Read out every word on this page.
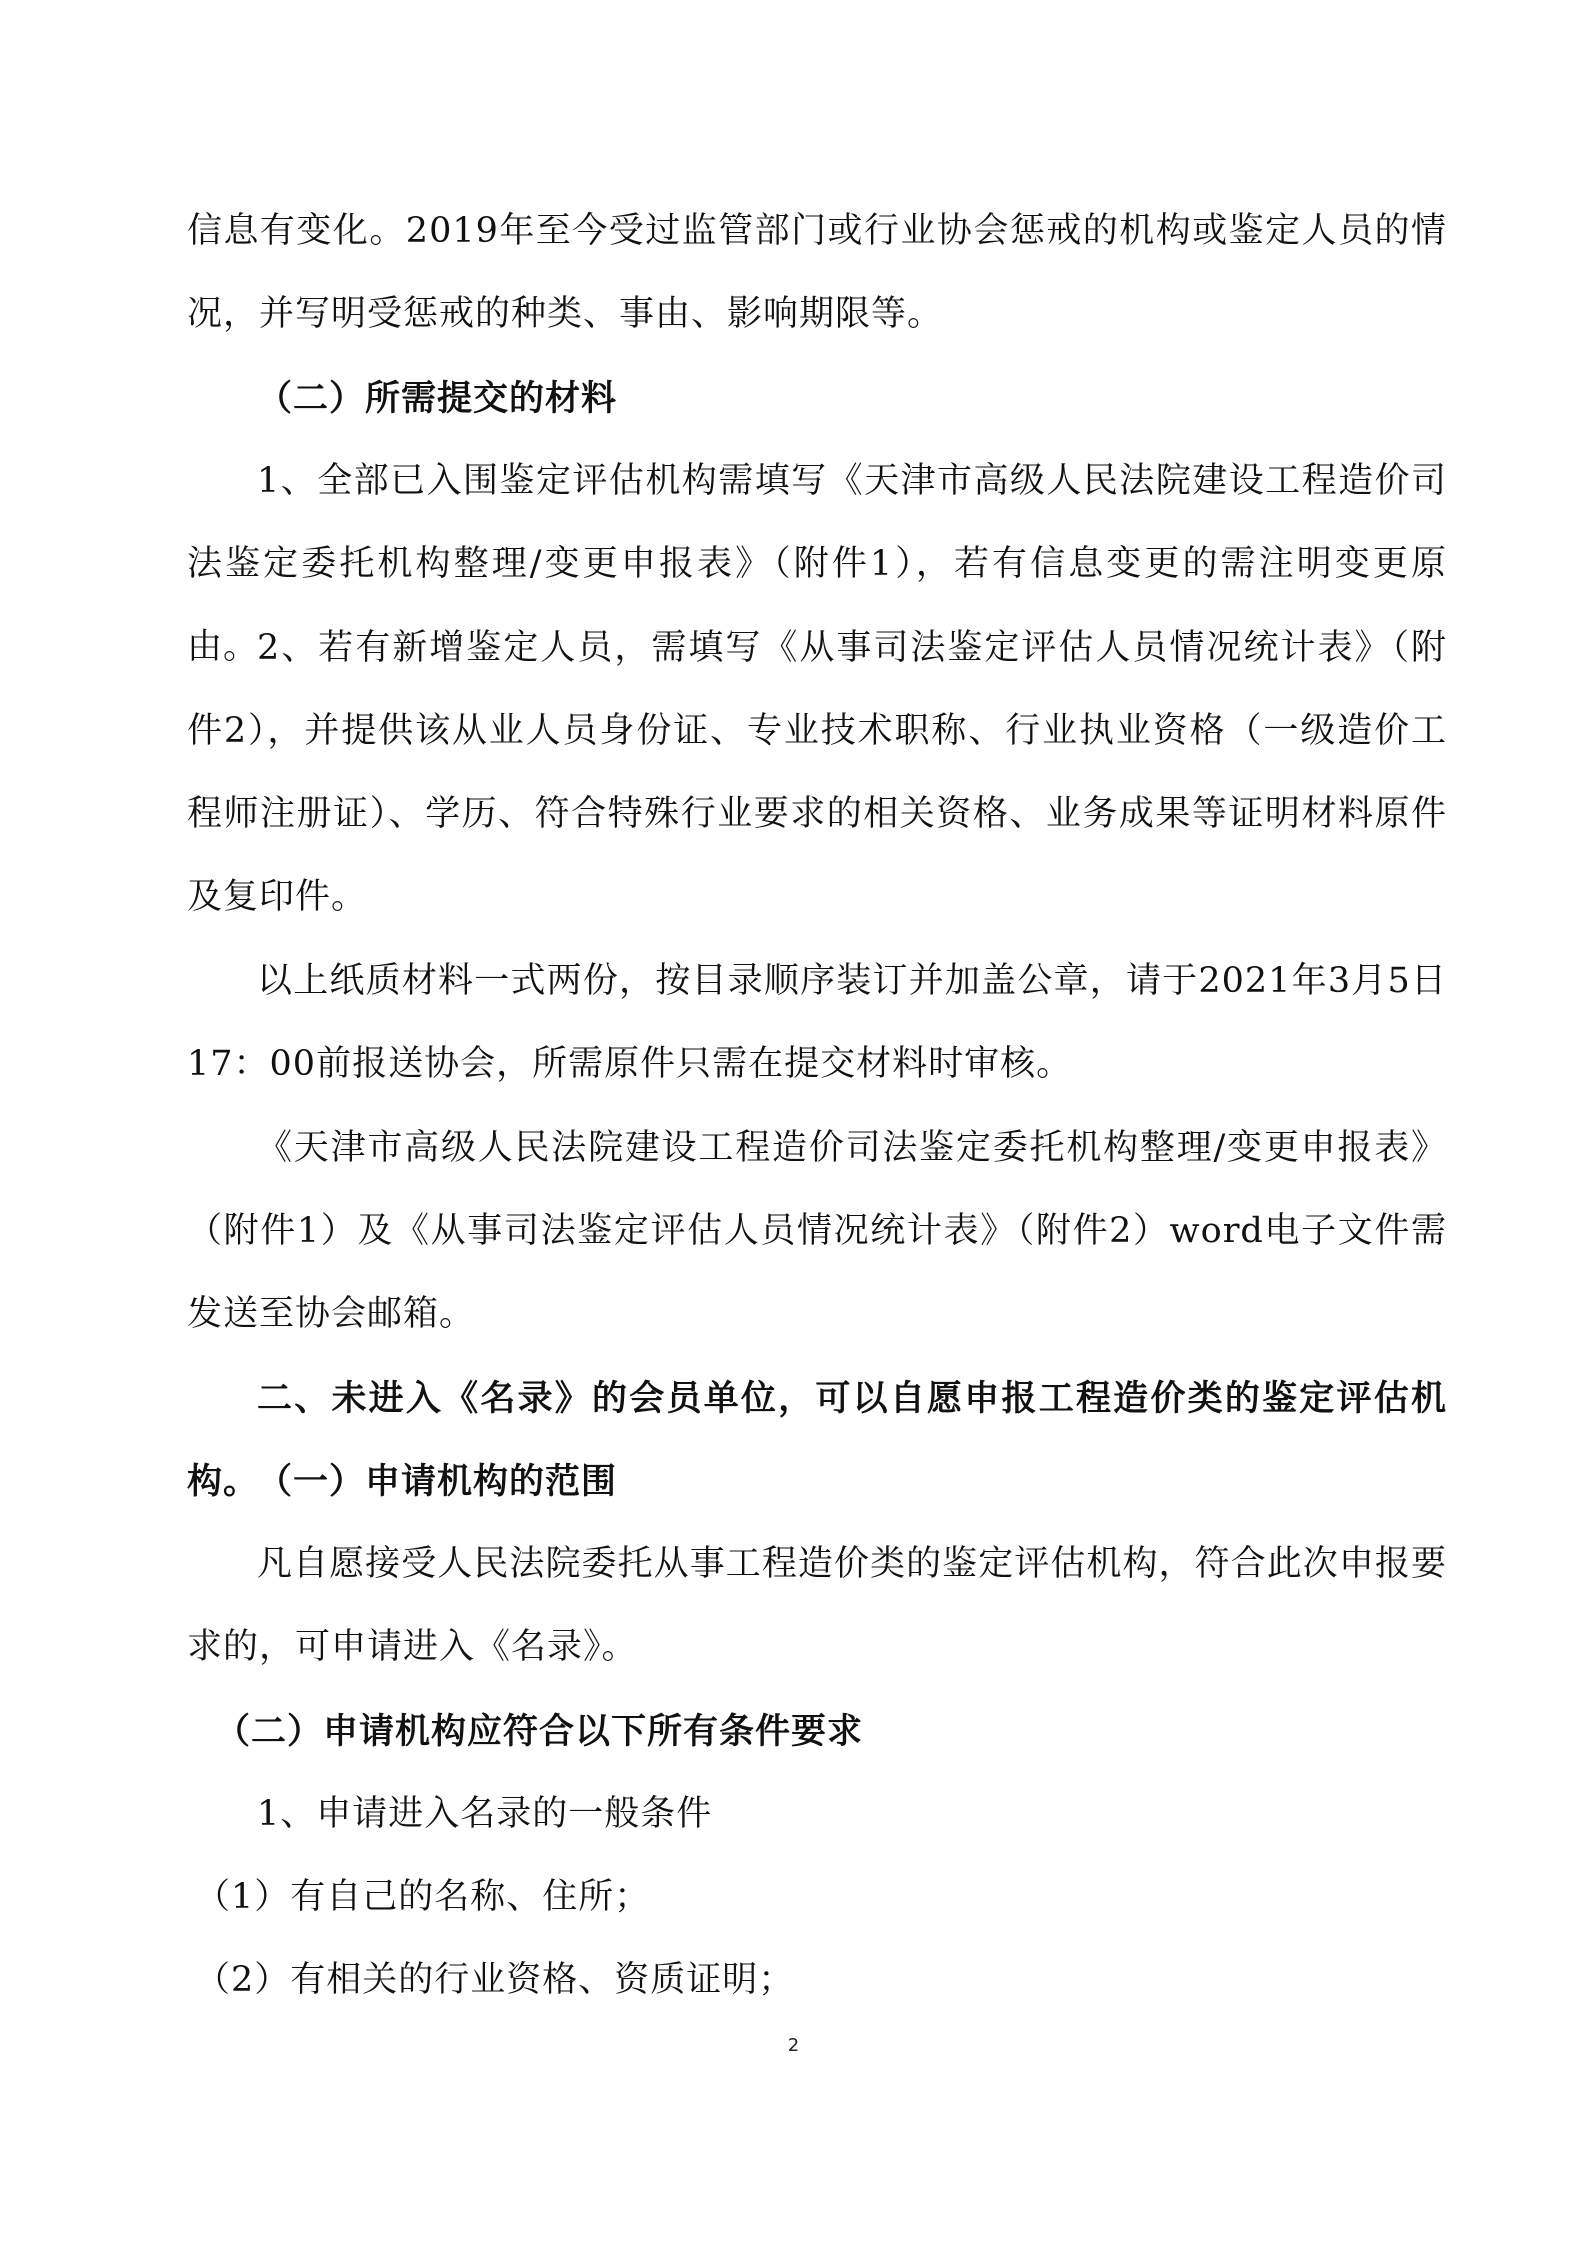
信息有变化。2019年至今受过监管部门或行业协会惩戒的机构或鉴定人员的情况，并写明受惩戒的种类、事由、影响期限等。
（二）所需提交的材料
1、全部已入围鉴定评估机构需填写《天津市高级人民法院建设工程造价司法鉴定委托机构整理/变更申报表》（附件1），若有信息变更的需注明变更原由。
2、若有新增鉴定人员，需填写《从事司法鉴定评估人员情况统计表》（附件2），并提供该从业人员身份证、专业技术职称、行业执业资格（一级造价工程师注册证）、学历、符合特殊行业要求的相关资格、业务成果等证明材料原件及复印件。
以上纸质材料一式两份，按目录顺序装订并加盖公章，请于2021年3月5日17：00前报送协会，所需原件只需在提交材料时审核。
《天津市高级人民法院建设工程造价司法鉴定委托机构整理/变更申报表》（附件1）及《从事司法鉴定评估人员情况统计表》（附件2）word电子文件需发送至协会邮箱。
二、未进入《名录》的会员单位，可以自愿申报工程造价类的鉴定评估机构。
（一）申请机构的范围
凡自愿接受人民法院委托从事工程造价类的鉴定评估机构，符合此次申报要求的，可申请进入《名录》。
（二）申请机构应符合以下所有条件要求
1、申请进入名录的一般条件
（1）有自己的名称、住所；
（2）有相关的行业资格、资质证明；
2
